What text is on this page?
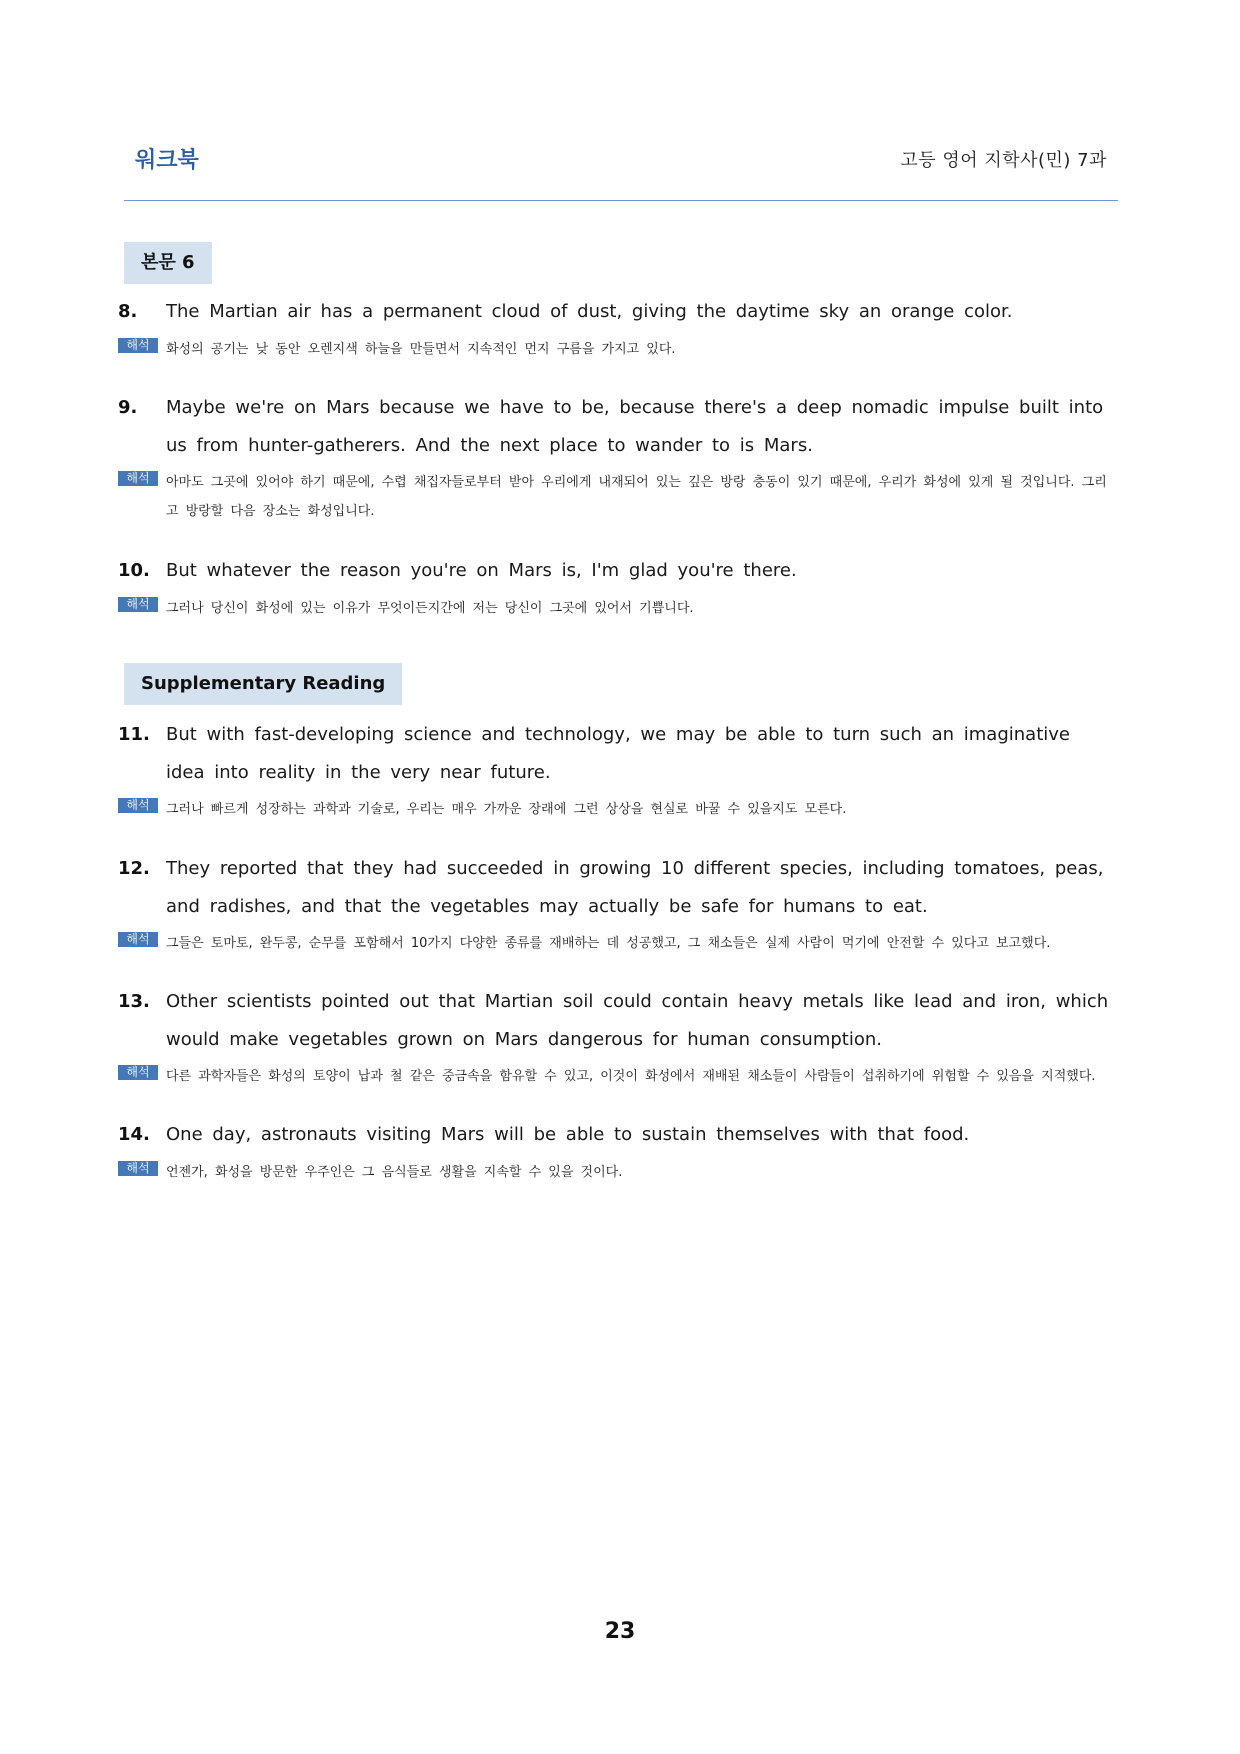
워크북	고등 영어 지학사(민) 7과
본문 6
8. The Martian air has a permanent cloud of dust, giving the daytime sky an orange color.
해석	화성의 공기는 낮 동안 오렌지색 하늘을 만들면서 지속적인 먼지 구름을 가지고 있다.
9. Maybe we're on Mars because we have to be, because there's a deep nomadic impulse built into us from hunter-gatherers. And the next place to wander to is Mars.
해석	아마도 그곳에 있어야 하기 때문에, 수렵 채집자들로부터 받아 우리에게 내재되어 있는 깊은 방랑 충동이 있기 때문에, 우리가 화성에 있게 될 것입니다. 그리고 방랑할 다음 장소는 화성입니다.
10. But whatever the reason you're on Mars is, I'm glad you're there.
해석	그러나 당신이 화성에 있는 이유가 무엇이든지간에 저는 당신이 그곳에 있어서 기쁩니다.
Supplementary Reading
11. But with fast-developing science and technology, we may be able to turn such an imaginative idea into reality in the very near future.
해석	그러나 빠르게 성장하는 과학과 기술로, 우리는 매우 가까운 장래에 그런 상상을 현실로 바꿀 수 있을지도 모른다.
12. They reported that they had succeeded in growing 10 different species, including tomatoes, peas, and radishes, and that the vegetables may actually be safe for humans to eat.
해석	그들은 토마토, 완두콩, 순무를 포함해서 10가지 다양한 종류를 재배하는 데 성공했고, 그 채소들은 실제 사람이 먹기에 안전할 수 있다고 보고했다.
13. Other scientists pointed out that Martian soil could contain heavy metals like lead and iron, which would make vegetables grown on Mars dangerous for human consumption.
해석	다른 과학자들은 화성의 토양이 납과 철 같은 중금속을 함유할 수 있고, 이것이 화성에서 재배된 채소들이 사람들이 섭취하기에 위험할 수 있음을 지적했다.
14. One day, astronauts visiting Mars will be able to sustain themselves with that food.
해석	언젠가, 화성을 방문한 우주인은 그 음식들로 생활을 지속할 수 있을 것이다.
23
